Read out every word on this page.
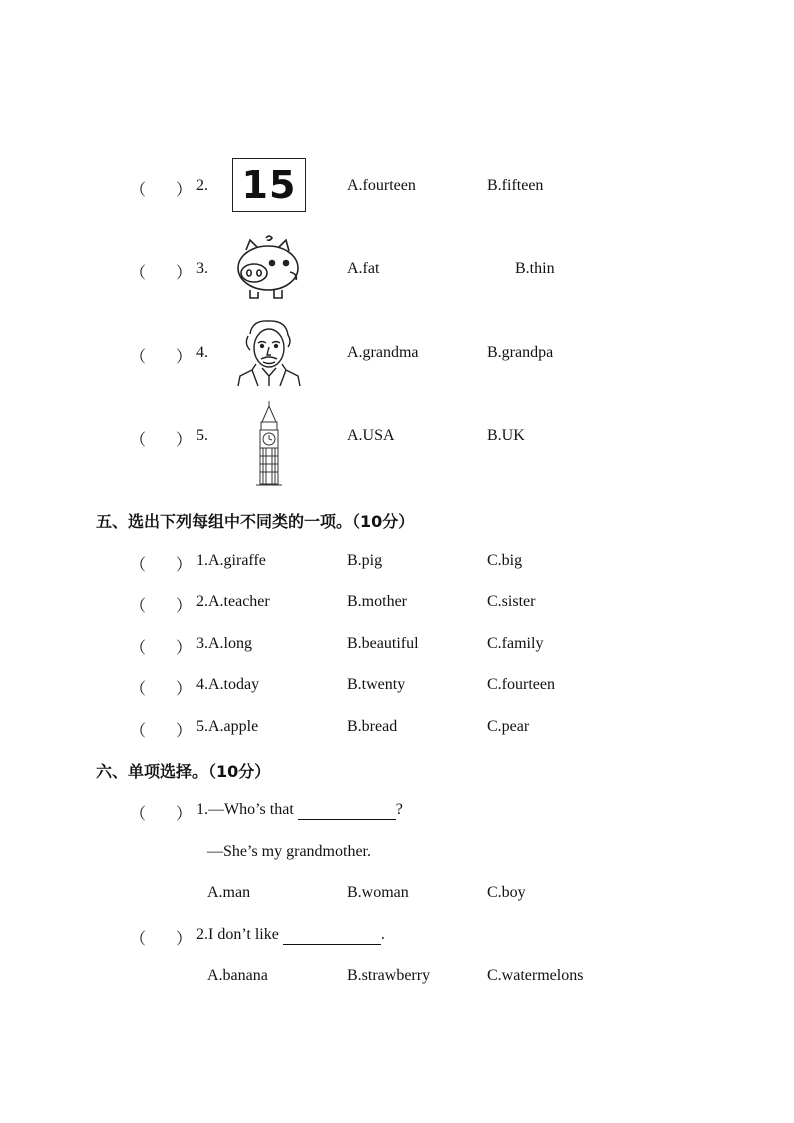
（ ） 2. 15	A.fourteen	B.fifteen
（ ） 3.	A.fat	B.thin
（ ） 4.	A.grandma	B.grandpa
（ ） 5.	A.USA	B.UK
五、选出下列每组中不同类的一项。（10分）
（ ） 1.A.giraffe	B.pig	C.big
（ ） 2.A.teacher	B.mother	C.sister
（ ） 3.A.long	B.beautiful	C.family
（ ） 4.A.today	B.twenty	C.fourteen
（ ） 5.A.apple	B.bread	C.pear
六、单项选择。（10分）
（ ） 1.—Who’s that	?
—She’s my grandmother.
A.man	B.woman	C.boy
（ ） 2.I don’t like	.
A.banana	B.strawberry	C.watermelons
